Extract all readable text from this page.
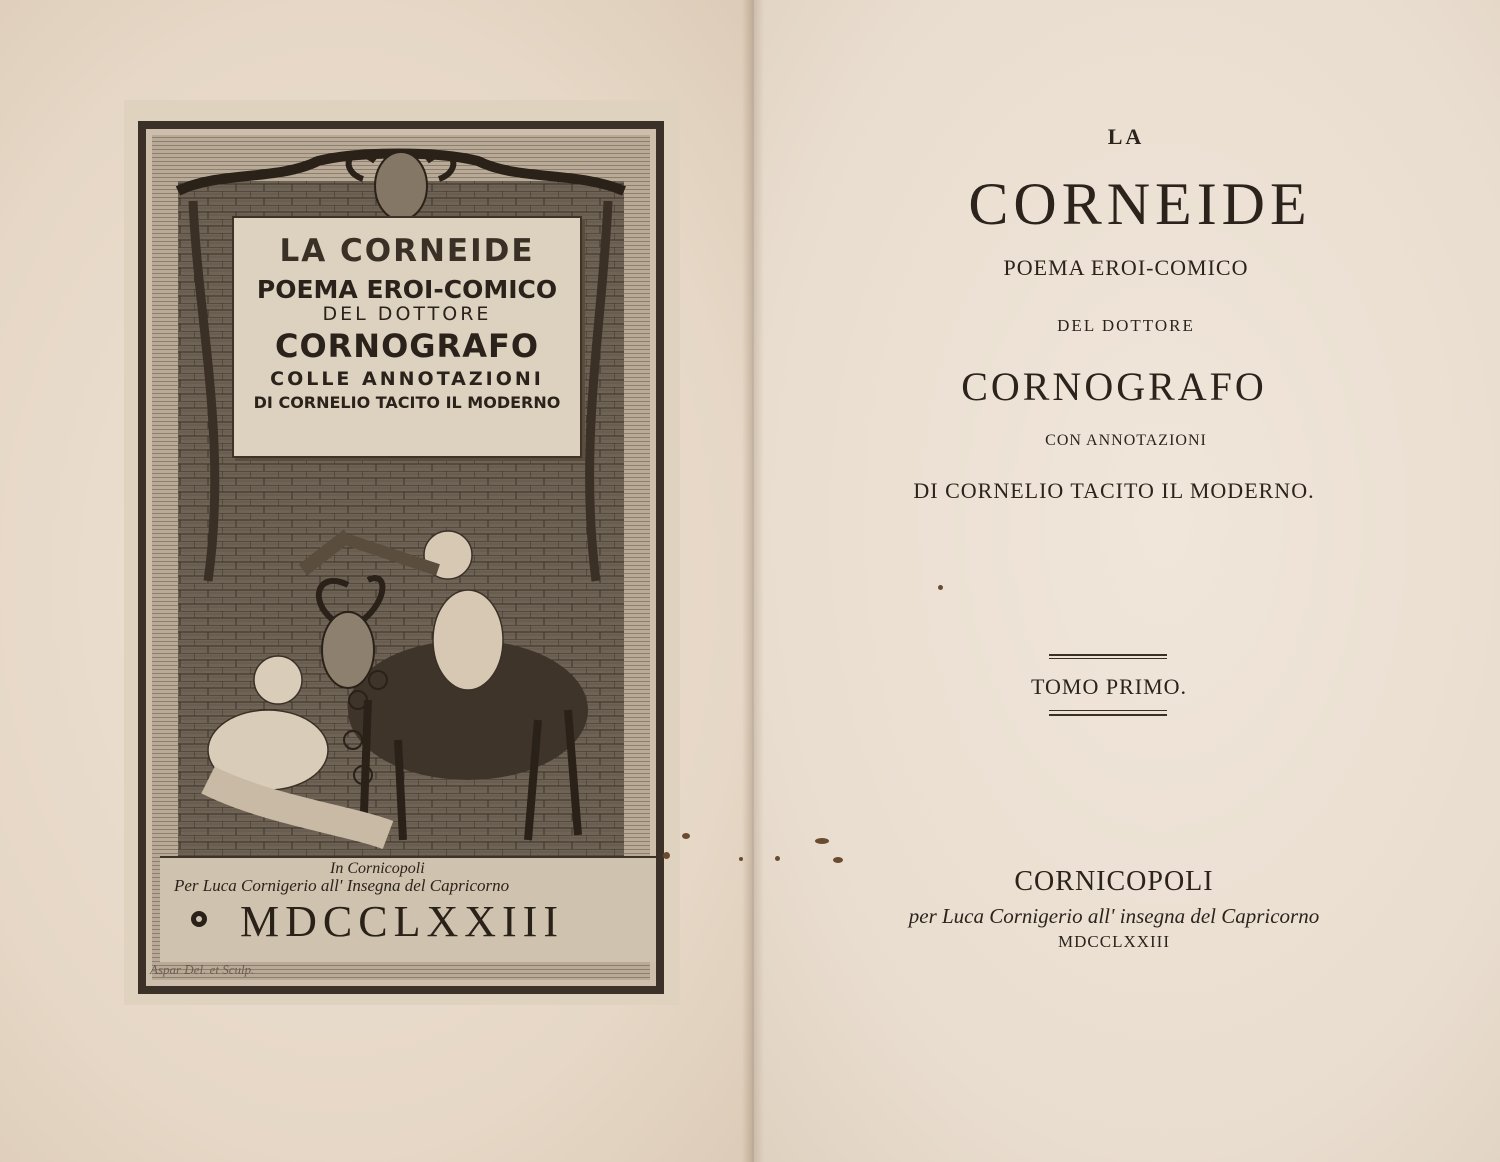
LA CORNEIDE
POEMA EROI-COMICO
DEL DOTTORE
CORNOGRAFO
COLLE ANNOTAZIONI
DI CORNELIO TACITO IL MODERNO
In Cornicopoli
Per Luca Cornigerio all' Insegna del Capricorno
MDCCLXXIII
Aspar Del. et Sculp.
LA
CORNEIDE
POEMA EROI-COMICO
DEL DOTTORE
CORNOGRAFO
CON ANNOTAZIONI
DI CORNELIO TACITO IL MODERNO.
TOMO PRIMO.
CORNICOPOLI
per Luca Cornigerio all' insegna del Capricorno
MDCCLXXIII
